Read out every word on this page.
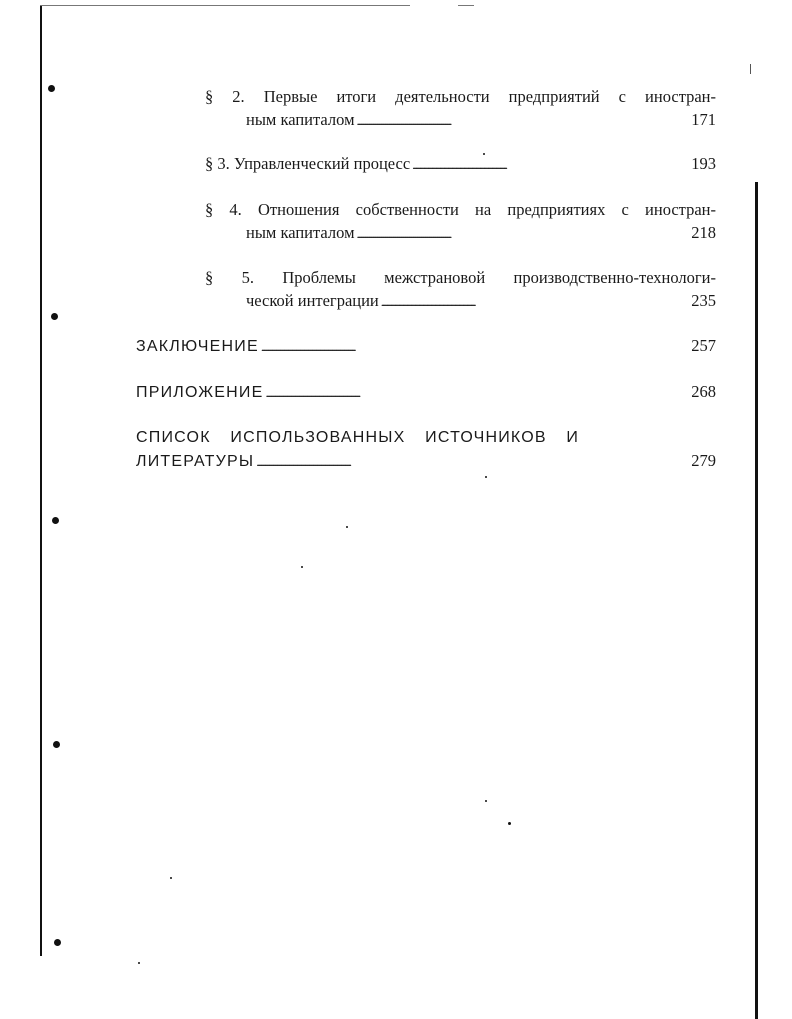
§ 2. Первые итоги деятельности предприятий с иностран-
ным капиталом . . .	171
§ 3. Управленческий процесс . . .	193
§ 4. Отношения собственности на предприятиях с иностран-
ным капиталом . . .	218
§ 5. Проблемы межстрановой производственно-технологи-
ческой интеграции . . .	235
ЗАКЛЮЧЕНИЕ . . .	257
ПРИЛОЖЕНИЕ . . .	268
СПИСОК ИСПОЛЬЗОВАННЫХ ИСТОЧНИКОВ И
ЛИТЕРАТУРЫ . . .	279
